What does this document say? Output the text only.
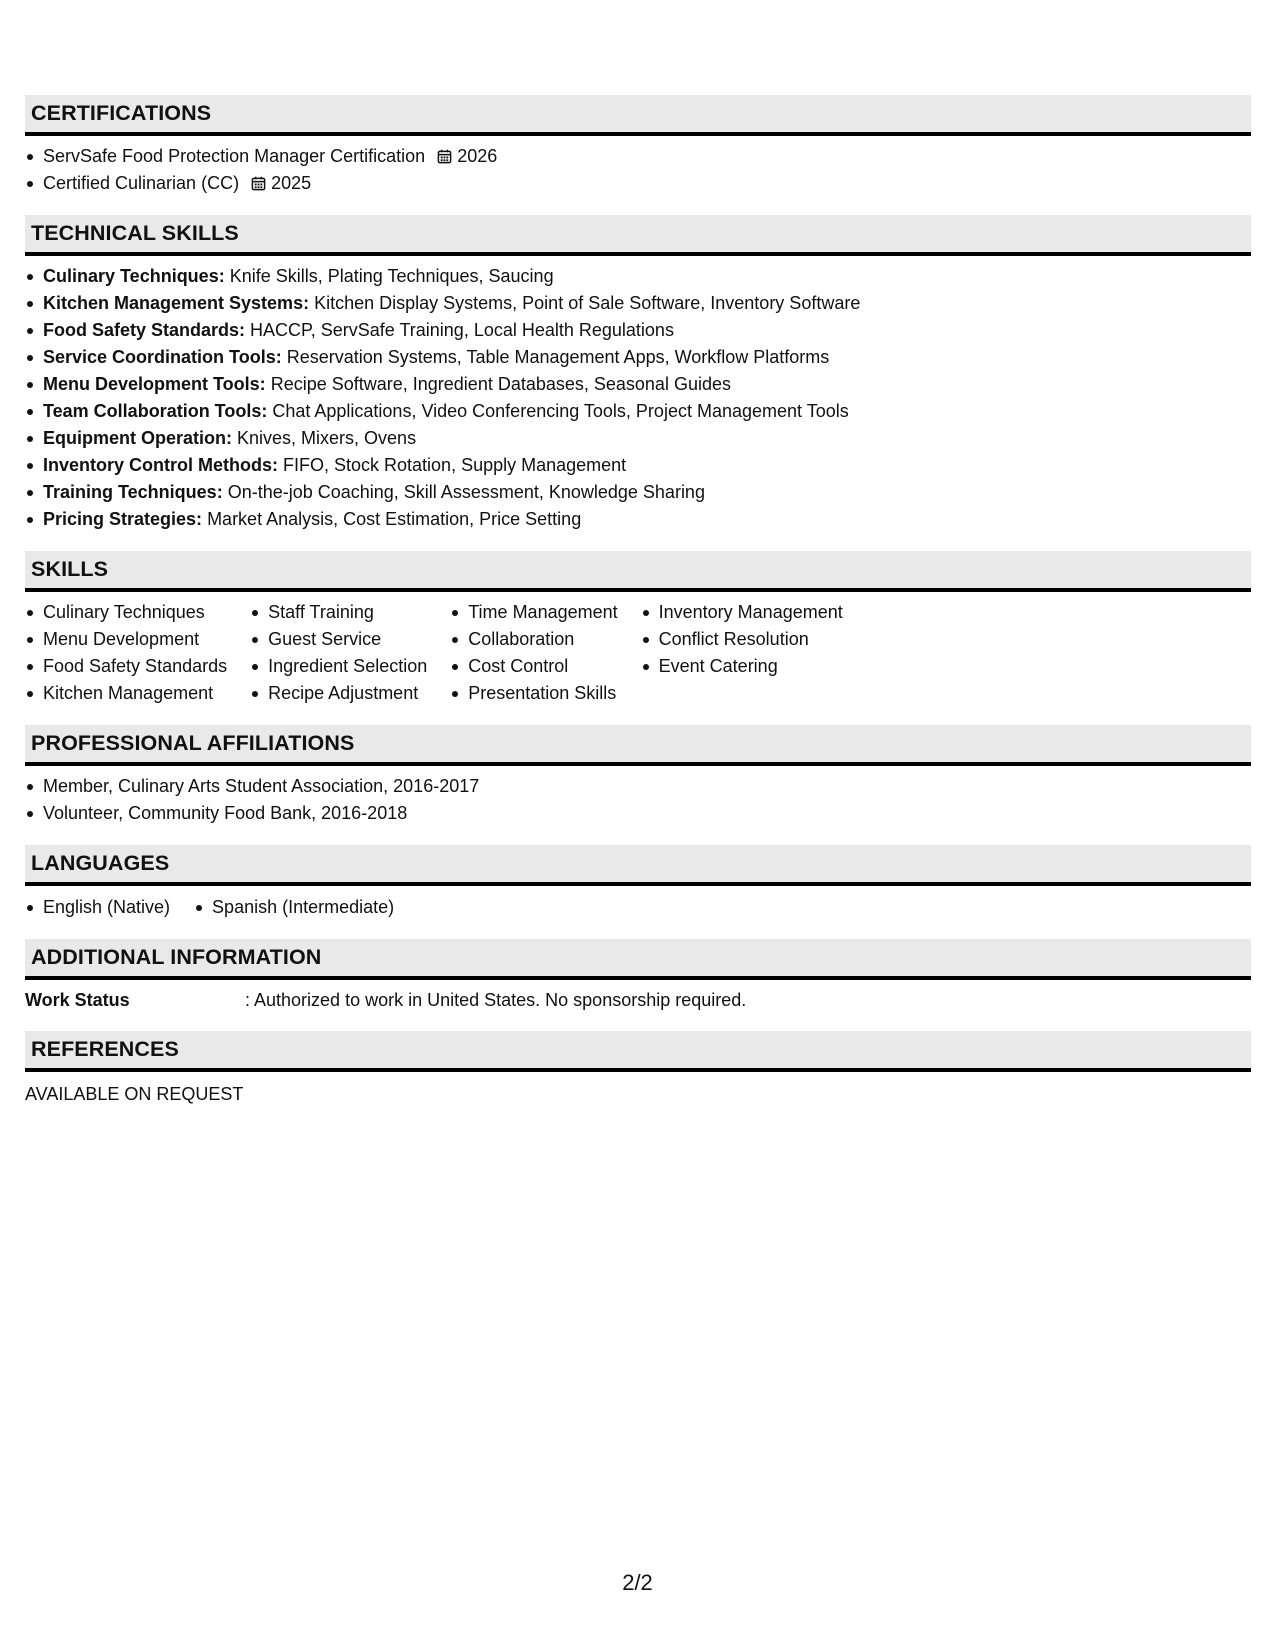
CERTIFICATIONS
ServSafe Food Protection Manager Certification 2026
Certified Culinarian (CC) 2025
TECHNICAL SKILLS
Culinary Techniques: Knife Skills, Plating Techniques, Saucing
Kitchen Management Systems: Kitchen Display Systems, Point of Sale Software, Inventory Software
Food Safety Standards: HACCP, ServSafe Training, Local Health Regulations
Service Coordination Tools: Reservation Systems, Table Management Apps, Workflow Platforms
Menu Development Tools: Recipe Software, Ingredient Databases, Seasonal Guides
Team Collaboration Tools: Chat Applications, Video Conferencing Tools, Project Management Tools
Equipment Operation: Knives, Mixers, Ovens
Inventory Control Methods: FIFO, Stock Rotation, Supply Management
Training Techniques: On-the-job Coaching, Skill Assessment, Knowledge Sharing
Pricing Strategies: Market Analysis, Cost Estimation, Price Setting
SKILLS
Culinary Techniques
Menu Development
Food Safety Standards
Kitchen Management
Staff Training
Guest Service
Ingredient Selection
Recipe Adjustment
Time Management
Collaboration
Cost Control
Presentation Skills
Inventory Management
Conflict Resolution
Event Catering
PROFESSIONAL AFFILIATIONS
Member, Culinary Arts Student Association, 2016-2017
Volunteer, Community Food Bank, 2016-2018
LANGUAGES
English (Native)	Spanish (Intermediate)
ADDITIONAL INFORMATION
Work Status	: Authorized to work in United States. No sponsorship required.
REFERENCES
AVAILABLE ON REQUEST
2/2
